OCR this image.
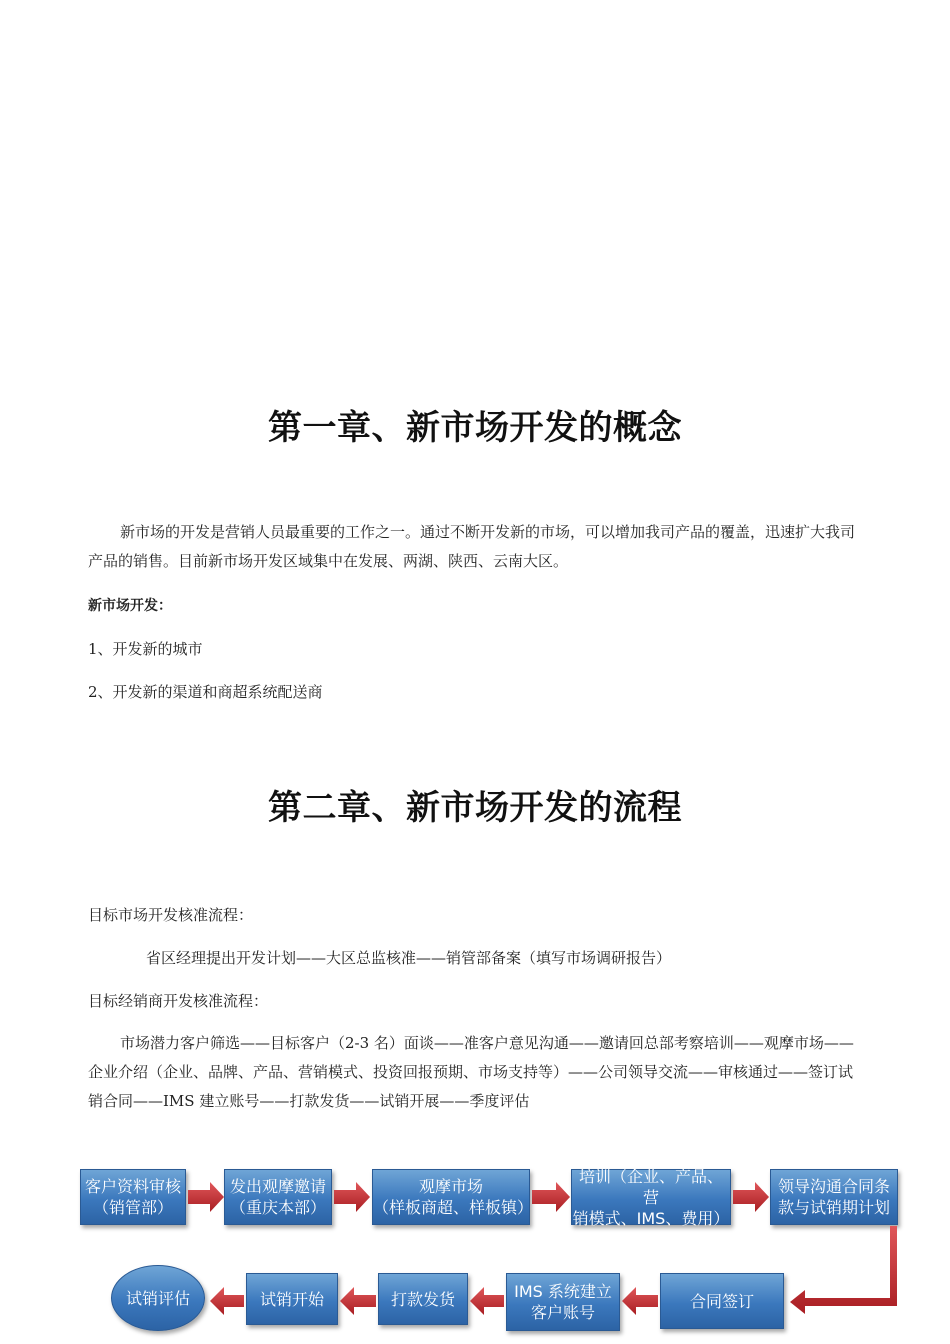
第一章、新市场开发的概念
新市场的开发是营销人员最重要的工作之一。通过不断开发新的市场，可以增加我司产品的覆盖，迅速扩大我司产品的销售。目前新市场开发区域集中在发展、两湖、陕西、云南大区。
新市场开发：
1、开发新的城市
2、开发新的渠道和商超系统配送商
第二章、新市场开发的流程
目标市场开发核准流程：
省区经理提出开发计划——大区总监核准——销管部备案（填写市场调研报告）
目标经销商开发核准流程：
市场潜力客户筛选——目标客户（2-3 名）面谈——准客户意见沟通——邀请回总部考察培训——观摩市场——企业介绍（企业、品牌、产品、营销模式、投资回报预期、市场支持等）——公司领导交流——审核通过——签订试销合同——IMS 建立账号——打款发货——试销开展——季度评估
客户资料审核
（销管部）
发出观摩邀请
（重庆本部）
观摩市场
（样板商超、样板镇）
培训（企业、产品、营
销模式、IMS、费用）
领导沟通合同条
款与试销期计划
试销评估	试销开始	打款发货	IMS 系统建立
客户账号
合同签订
